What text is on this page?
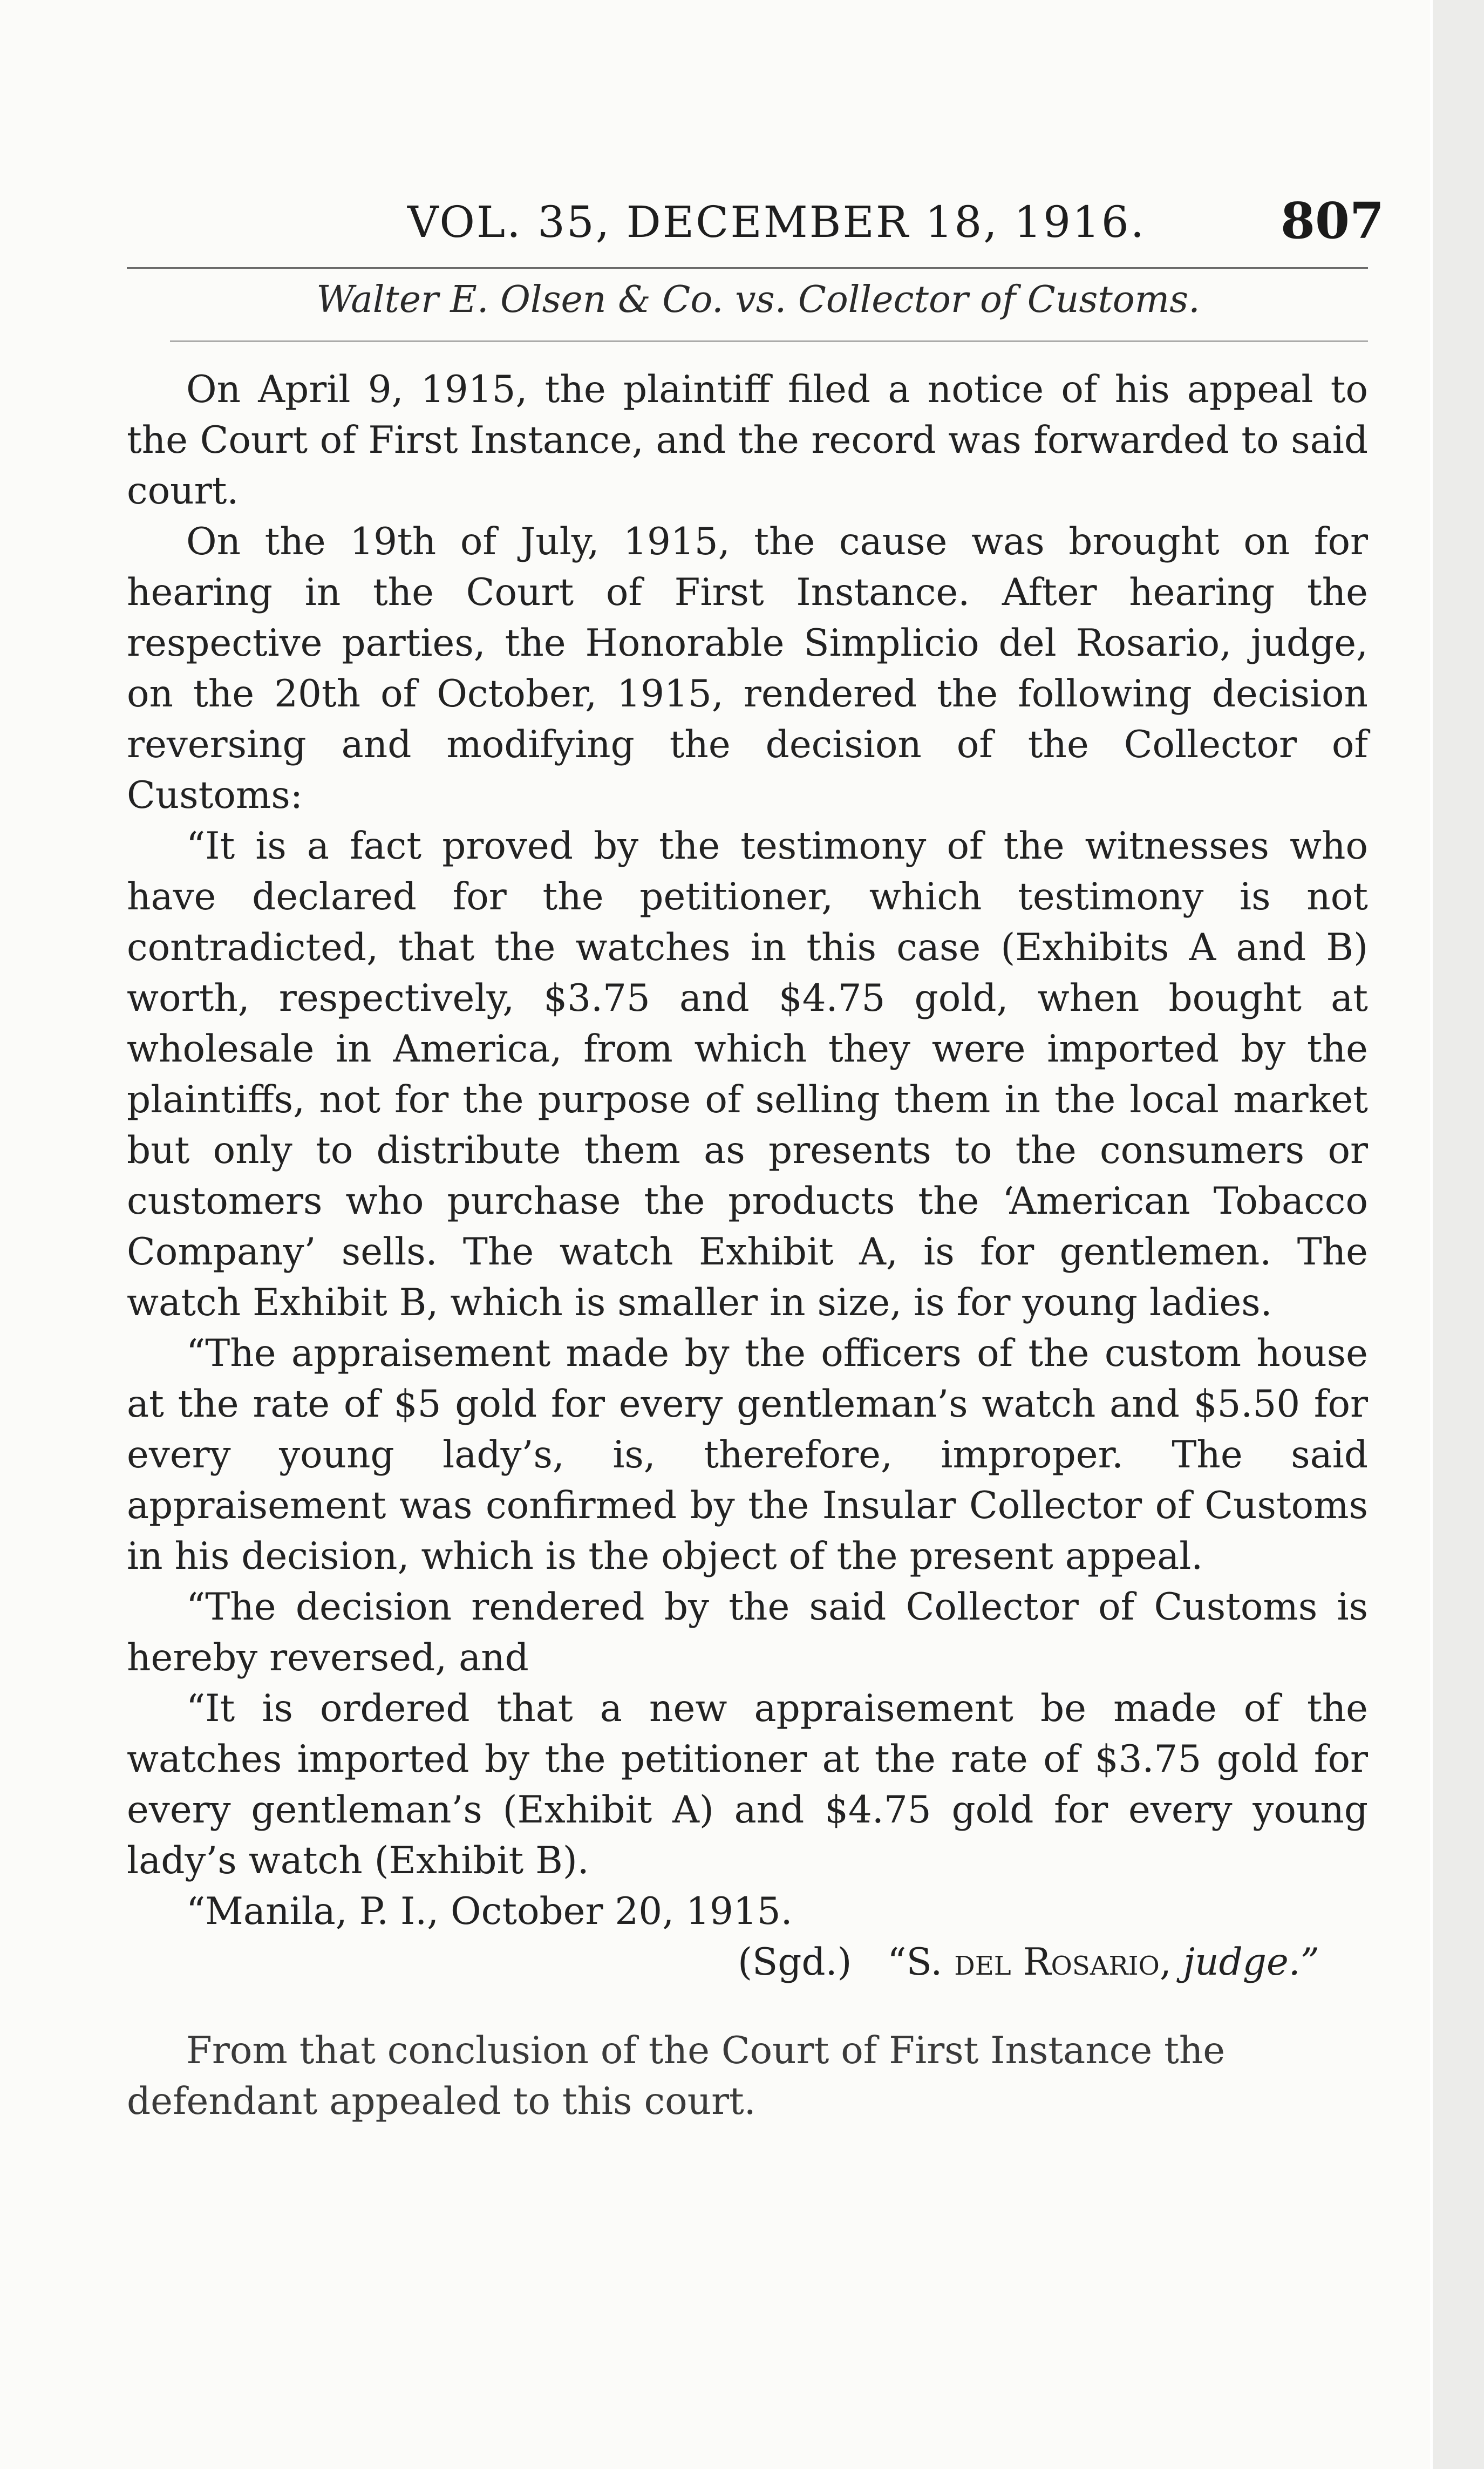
VOL. 35, DECEMBER 18, 1916.	807
Walter E. Olsen & Co. vs. Collector of Customs.

On April 9, 1915, the plaintiff filed a notice of his appeal to the Court of First Instance, and the record was forwarded to said court.

On the 19th of July, 1915, the cause was brought on for hearing in the Court of First Instance. After hearing the respective parties, the Honorable Simplicio del Rosario, judge, on the 20th of October, 1915, rendered the following decision reversing and modifying the decision of the Collector of Customs:

“It is a fact proved by the testimony of the witnesses who have declared for the petitioner, which testimony is not contradicted, that the watches in this case (Exhibits A and B) worth, respectively, $3.75 and $4.75 gold, when bought at wholesale in America, from which they were imported by the plaintiffs, not for the purpose of selling them in the local market but only to distribute them as presents to the consumers or customers who purchase the products the ‘American Tobacco Company’ sells. The watch Exhibit A, is for gentlemen. The watch Exhibit B, which is smaller in size, is for young ladies.

“The appraisement made by the officers of the custom house at the rate of $5 gold for every gentleman’s watch and $5.50 for every young lady’s, is, therefore, improper. The said appraisement was confirmed by the Insular Collector of Customs in his decision, which is the object of the present appeal.

“The decision rendered by the said Collector of Customs is hereby reversed, and

“It is ordered that a new appraisement be made of the watches imported by the petitioner at the rate of $3.75 gold for every gentleman’s (Exhibit A) and $4.75 gold for every young lady’s watch (Exhibit B).

“Manila, P. I., October 20, 1915.

(Sgd.) “S. del Rosario, judge.”

From that conclusion of the Court of First Instance the defendant appealed to this court.
